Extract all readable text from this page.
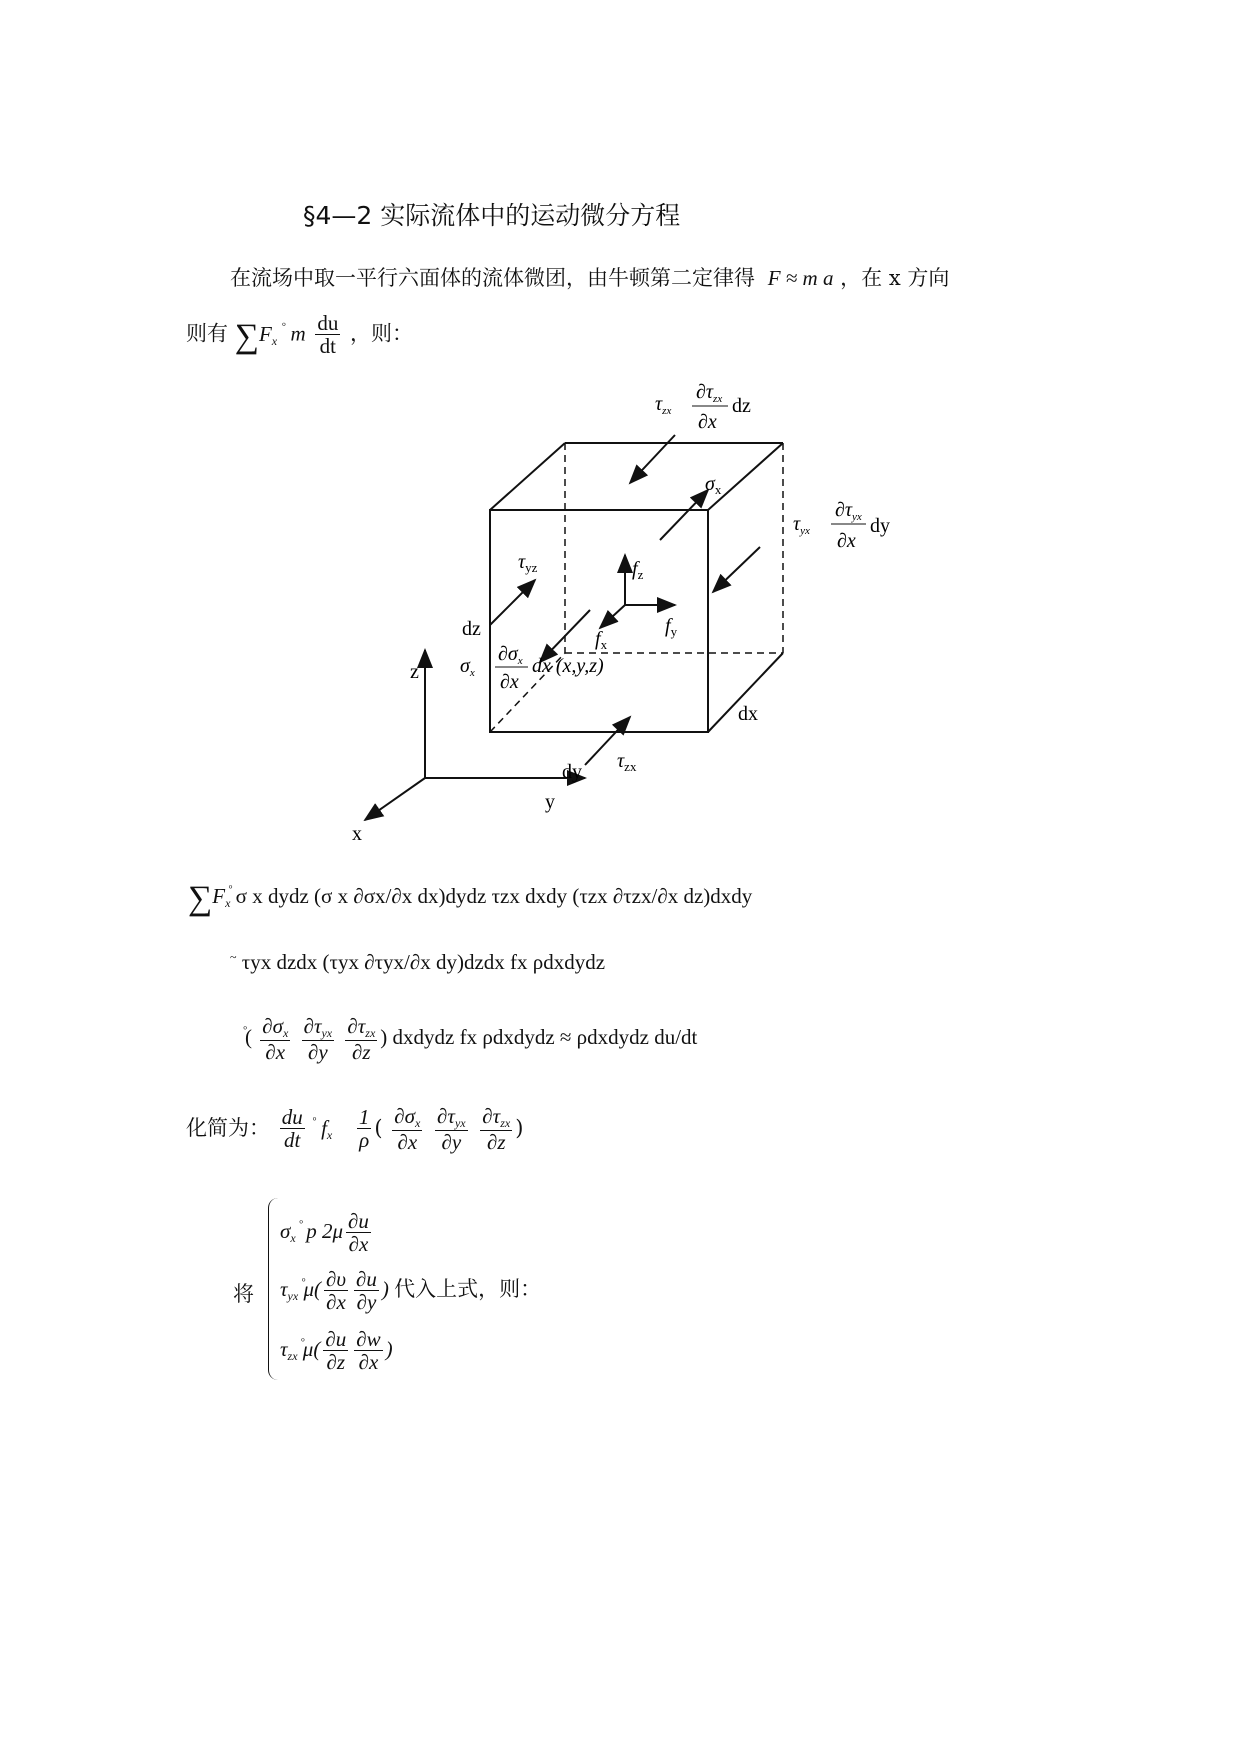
§4—2 实际流体中的运动微分方程
在流场中取一平行六面体的流体微团，由牛顿第二定律得 F ≈ m a ，在 x 方向
则有 $\sum F_x$ m $\frac{du}{dt}$ ，则：
$\tau_{zx}$
$\partial\tau_{zx}$
∂x
dz
$\sigma_x$
$\tau_{yx}$
$\partial\tau_{yx}$
∂x
dy
$\tau_{yz}$	$f_z$
$f_y$
$f_x$
dz
$\sigma_x$
$\partial\sigma_x$
∂x
dx (x,y,z)
dx
dy $\tau_{zx}$
z
y
x
$\sum F_x$ σ x dydz (σ x ∂σx/∂x dx)dydz τzx dxdy (τzx ∂τzx/∂x dz)dxdy
~ τyx dzdx (τyx ∂τyx/∂x dy)dzdx fx ρdxdydz
( $\frac{\partial\sigma_x}{\partial x}$
$\frac{\partial\tau_{yx}}{\partial y}$
$\frac{\partial\tau_{zx}}{\partial z}$ ) dxdydz fx ρdxdydz ≈ ρdxdydz du/dt
化简为： $\frac{du}{dt} f_x \frac{1}{\rho}$ ( $\frac{\partial\sigma_x}{\partial x}$
$\frac{\partial\tau_{yx}}{\partial y}$
$\frac{\partial\tau_{zx}}{\partial z}$ )
将
$\sigma_x$ p $2\mu \frac{\partial u}{\partial x}$
$\tau_{yx}$ $\mu( \frac{\partial\upsilon}{\partial x} \frac{\partial u}{\partial y}$ ) 代入上式，则：
$\tau_{zx}$ $\mu( \frac{\partial u}{\partial z} \frac{\partial w}{\partial x}$ )
